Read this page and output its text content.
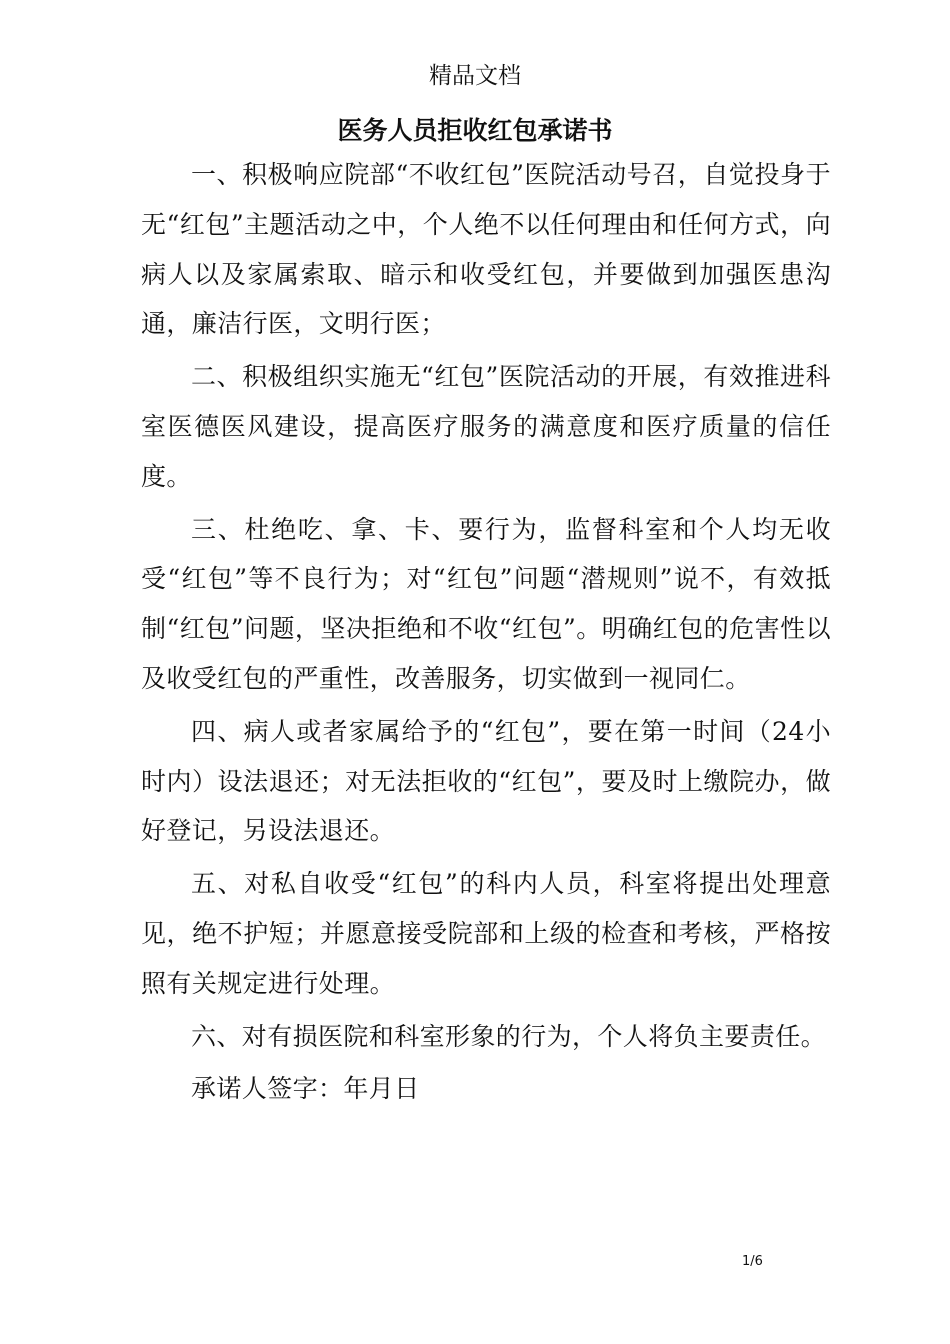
精品文档
医务人员拒收红包承诺书

一、积极响应院部“不收红包”医院活动号召，自觉投身于无“红包”主题活动之中，个人绝不以任何理由和任何方式，向病人以及家属索取、暗示和收受红包，并要做到加强医患沟通，廉洁行医，文明行医；

二、积极组织实施无“红包”医院活动的开展，有效推进科室医德医风建设，提高医疗服务的满意度和医疗质量的信任度。

三、杜绝吃、拿、卡、要行为，监督科室和个人均无收受“红包”等不良行为；对“红包”问题“潜规则”说不，有效抵制“红包”问题，坚决拒绝和不收“红包”。明确红包的危害性以及收受红包的严重性，改善服务，切实做到一视同仁。

四、病人或者家属给予的“红包”，要在第一时间（24小时内）设法退还；对无法拒收的“红包”，要及时上缴院办，做好登记，另设法退还。

五、对私自收受“红包”的科内人员，科室将提出处理意见，绝不护短；并愿意接受院部和上级的检查和考核，严格按照有关规定进行处理。

六、对有损医院和科室形象的行为，个人将负主要责任。

承诺人签字：年月日

1/6
